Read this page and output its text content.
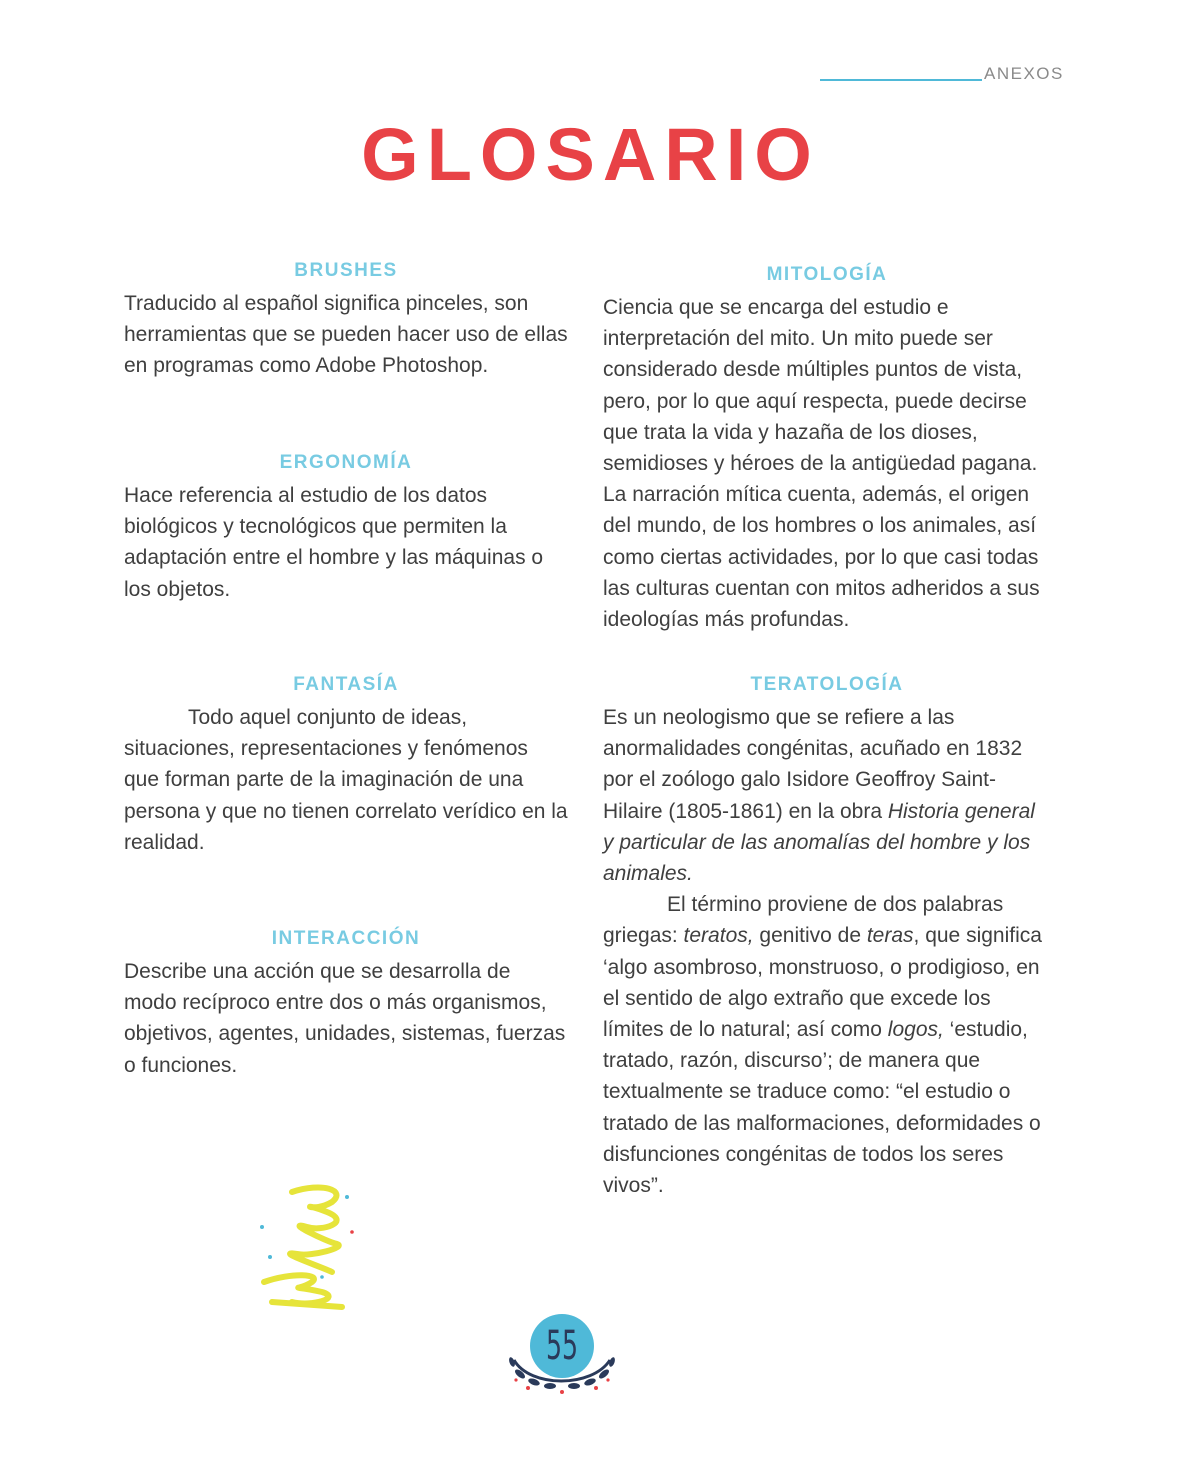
ANEXOS
GLOSARIO

BRUSHES

Traducido al español significa pinceles, son herramientas que se pueden hacer uso de ellas en programas como Adobe Photoshop.

ERGONOMÍA

Hace referencia al estudio de los datos biológicos y tecnológicos que permiten la adaptación entre el hombre y las máquinas o los objetos.

FANTASÍA

Todo aquel conjunto de ideas, situaciones, representaciones y fenómenos que forman parte de la imaginación de una persona y que no tienen correlato verídico en la realidad.

INTERACCIÓN

Describe una acción que se desarrolla de modo recíproco entre dos o más organismos, objetivos, agentes, unidades, sistemas, fuerzas o funciones.

MITOLOGÍA

Ciencia que se encarga del estudio e interpretación del mito. Un mito puede ser considerado desde múltiples puntos de vista, pero, por lo que aquí respecta, puede decirse que trata la vida y hazaña de los dioses, semidioses y héroes de la antigüedad pagana. La narración mítica cuenta, además, el origen del mundo, de los hombres o los animales, así como ciertas actividades, por lo que casi todas las culturas cuentan con mitos adheridos a sus ideologías más profundas.

TERATOLOGÍA

Es un neologismo que se refiere a las anormalidades congénitas, acuñado en 1832 por el zoólogo galo Isidore Geoffroy Saint-Hilaire (1805-1861) en la obra Historia general y particular de las anomalías del hombre y los animales.

El término proviene de dos palabras griegas: teratos, genitivo de teras, que significa ‘algo asombroso, monstruoso, o prodigioso, en el sentido de algo extraño que excede los límites de lo natural; así como logos, ‘estudio, tratado, razón, discurso’; de manera que textualmente se traduce como: “el estudio o tratado de las malformaciones, deformidades o disfunciones congénitas de todos los seres vivos”.

55
